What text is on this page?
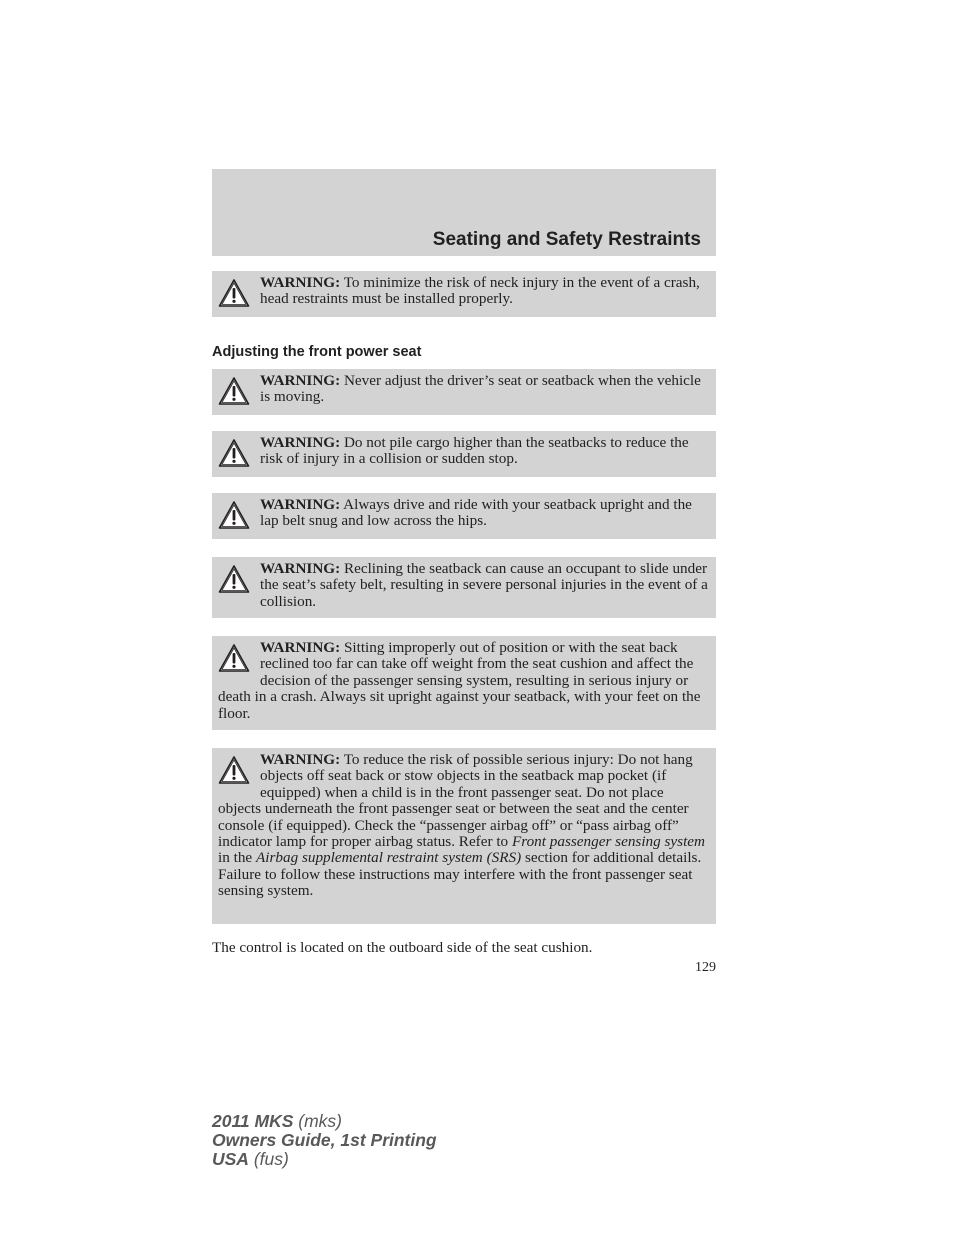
Seating and Safety Restraints
WARNING: To minimize the risk of neck injury in the event of a crash, head restraints must be installed properly.
Adjusting the front power seat
WARNING: Never adjust the driver’s seat or seatback when the vehicle is moving.
WARNING: Do not pile cargo higher than the seatbacks to reduce the risk of injury in a collision or sudden stop.
WARNING: Always drive and ride with your seatback upright and the lap belt snug and low across the hips.
WARNING: Reclining the seatback can cause an occupant to slide under the seat’s safety belt, resulting in severe personal injuries in the event of a collision.
WARNING: Sitting improperly out of position or with the seat back reclined too far can take off weight from the seat cushion and affect the decision of the passenger sensing system, resulting in serious injury or death in a crash. Always sit upright against your seatback, with your feet on the floor.
WARNING: To reduce the risk of possible serious injury: Do not hang objects off seat back or stow objects in the seatback map pocket (if equipped) when a child is in the front passenger seat. Do not place objects underneath the front passenger seat or between the seat and the center console (if equipped). Check the “passenger airbag off” or “pass airbag off” indicator lamp for proper airbag status. Refer to Front passenger sensing system in the Airbag supplemental restraint system (SRS) section for additional details. Failure to follow these instructions may interfere with the front passenger seat sensing system.
The control is located on the outboard side of the seat cushion.
129
2011 MKS (mks)
Owners Guide, 1st Printing
USA (fus)
